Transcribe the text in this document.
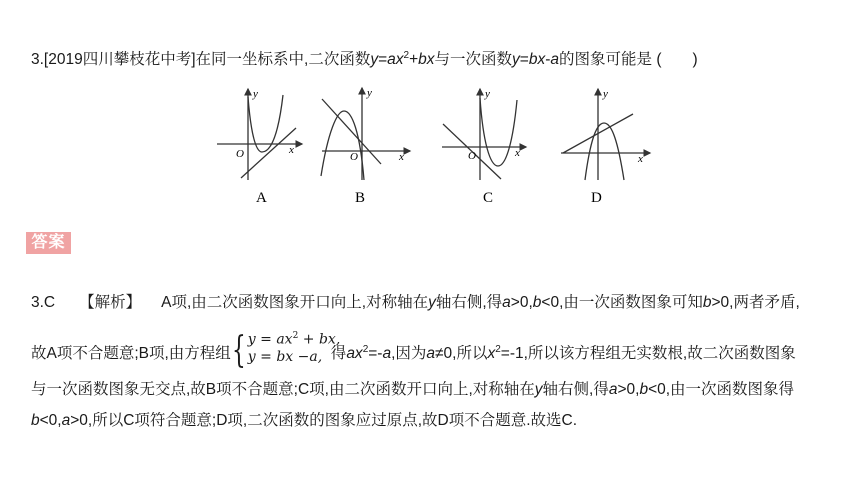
3.[2019四川攀枝花中考]在同一坐标系中,二次函数$y=ax^2+bx$与一次函数y=bx-a的图象可能是 (　　)
y
x
O
A
y
x
O
B
y
x
O
C
y
x
D
答案
3.C 【解析】 A项,由二次函数图象开口向上,对称轴在y轴右侧,得a>0,b<0,由一次函数图象可知b>0,两者矛盾,
故A项不合题意;B项,由方程组 { $y = ax^2$ + bx,
y = bx −a, 得$ax^2=-a$,因为a≠0,所以$x^2=-1$,所以该方程组无实数根,故二次函数图象
与一次函数图象无交点,故B项不合题意;C项,由二次函数开口向上,对称轴在y轴右侧,得a>0,b<0,由一次函数图象得
b<0,a>0,所以C项符合题意;D项,二次函数的图象应过原点,故D项不合题意.故选C.
